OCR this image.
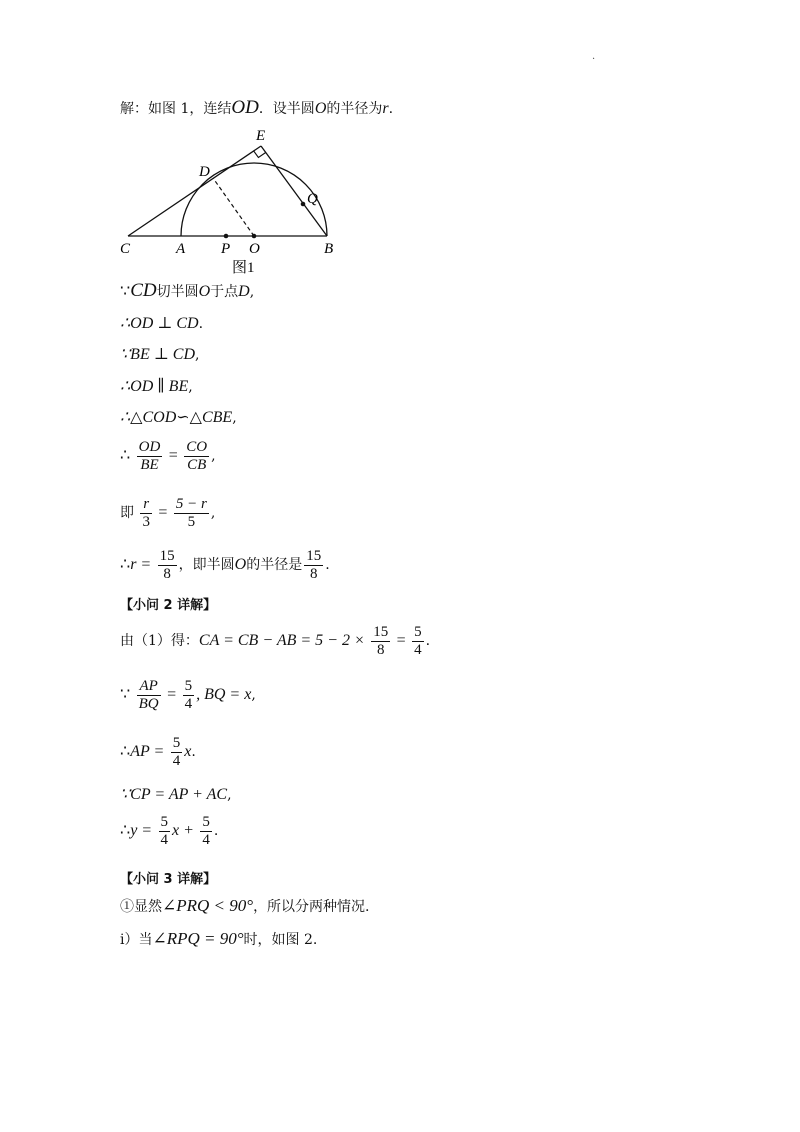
·
解：如图 1，连结OD．设半圆O的半径为r.
E
D
Q
C	A P O	B
图1
∵CD切半圆O于点D,
∴OD ⊥ CD.
∵BE ⊥ CD,
∴OD ∥ BE,
∴△COD∽△CBE,
∴ $\frac{OD}{BE} = \frac{CO}{CB}$ ,
即 $\frac{r}{3} = \frac{5 - r}{5}$ ,
∴r = $\frac{15}{8}$ ，即半圆O的半径是 $\frac{15}{8}$ .
【小问 2 详解】
由（1）得：CA = CB − AB = $5 - 2 \times \frac{15}{8} = \frac{5}{4}$ .
∵ $\frac{AP}{BQ} = \frac{5}{4}$ , BQ = x,
∴AP = $\frac{5}{4} x$.
∵CP = AP + AC,
∴y = $\frac{5}{4}$ $x + \frac{5}{4}$ .
【小问 3 详解】
①显然∠PRQ < 90°，所以分两种情况.
ⅰ）当∠RPQ = 90°时，如图 2.
